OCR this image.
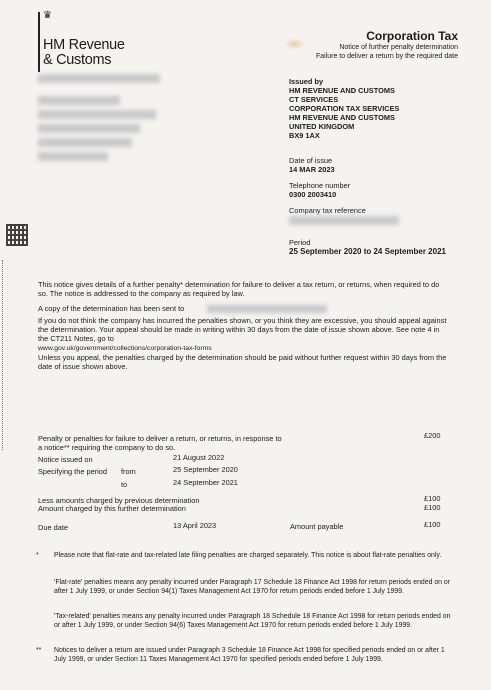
♛
HM Revenue
& Customs
Corporation Tax
Notice of further penalty determination
Failure to deliver a return by the required date
Issued by
HM REVENUE AND CUSTOMS
CT SERVICES
CORPORATION TAX SERVICES
HM REVENUE AND CUSTOMS
UNITED KINGDOM
BX9 1AX
Date of issue
14 MAR 2023
Telephone number
0300 2003410
Company tax reference
Period
25 September 2020 to 24 September 2021
This notice gives details of a further penalty* determination for failure to deliver a tax return, or returns, when required to do so. The notice is addressed to the company as required by law.
A copy of the determination has been sent to
If you do not think the company has incurred the penalties shown, or you think they are excessive, you should appeal against the determination. Your appeal should be made in writing within 30 days from the date of issue shown above. See note 4 in the CT211 Notes, go to
www.gov.uk/government/collections/corporation-tax-forms
Unless you appeal, the penalties charged by the determination should be paid without further request within 30 days from the date of issue shown above.
Penalty or penalties for failure to deliver a return, or returns, in response to a notice** requiring the company to do so.
£200
Notice issued on	21 August 2022
Specifying the period from	25 September 2020
to	24 September 2021
Less amounts charged by previous determination	£100
Amount charged by this further determination	£100
Due date	13 April 2023	Amount payable	£100
* Please note that flat-rate and tax-related late filing penalties are charged separately. This notice is about flat-rate penalties only.
'Flat-rate' penalties means any penalty incurred under Paragraph 17 Schedule 18 Finance Act 1998 for return periods ended on or after 1 July 1999, or under Section 94(1) Taxes Management Act 1970 for return periods ended before 1 July 1999.
'Tax-related' penalties means any penalty incurred under Paragraph 18 Schedule 18 Finance Act 1998 for return periods ended on or after 1 July 1999, or under Section 94(6) Taxes Management Act 1970 for return periods ended before 1 July 1999.
** Notices to deliver a return are issued under Paragraph 3 Schedule 18 Finance Act 1998 for specified periods ended on or after 1 July 1999, or under Section 11 Taxes Management Act 1970 for specified periods ended before 1 July 1999.
